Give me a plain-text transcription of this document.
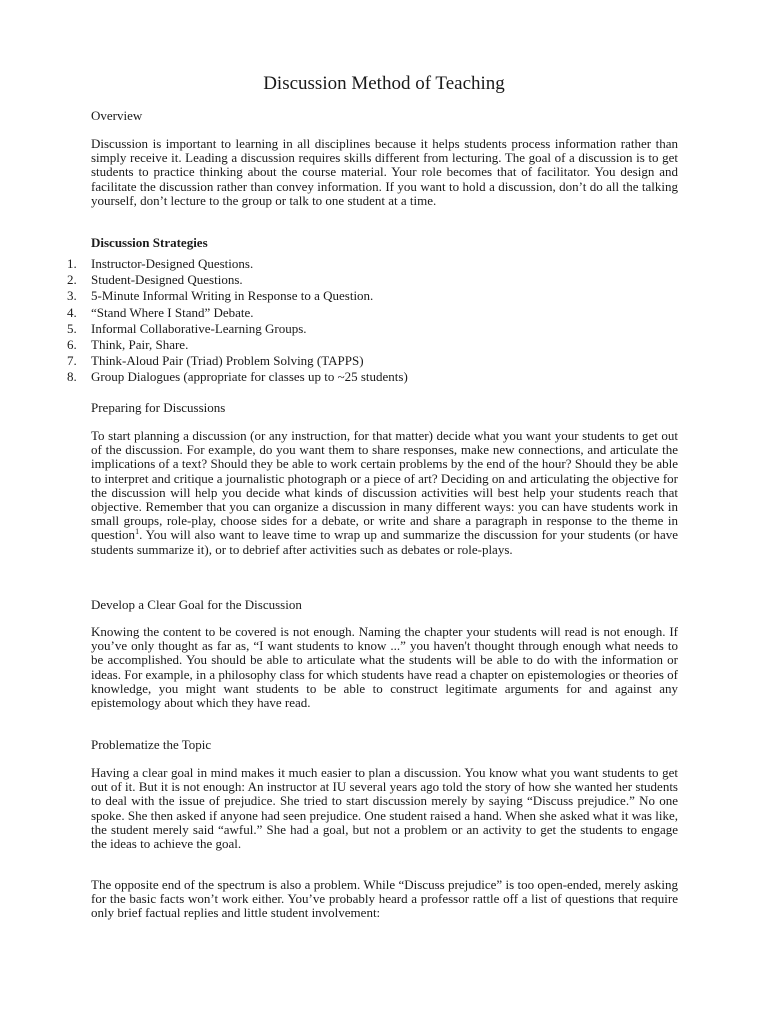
Discussion Method of Teaching
Overview

Discussion is important to learning in all disciplines because it helps students process information rather than simply receive it. Leading a discussion requires skills different from lecturing. The goal of a discussion is to get students to practice thinking about the course material. Your role becomes that of facilitator. You design and facilitate the discussion rather than convey information. If you want to hold a discussion, don’t do all the talking yourself, don’t lecture to the group or talk to one student at a time.

Discussion Strategies
1.	Instructor-Designed Questions.
2.	Student-Designed Questions.
3.	5-Minute Informal Writing in Response to a Question.
4.	“Stand Where I Stand” Debate.
5.	Informal Collaborative-Learning Groups.
6.	Think, Pair, Share.
7.	Think-Aloud Pair (Triad) Problem Solving (TAPPS)
8.	Group Dialogues (appropriate for classes up to ~25 students)
Preparing for Discussions

To start planning a discussion (or any instruction, for that matter) decide what you want your students to get out of the discussion. For example, do you want them to share responses, make new connections, and articulate the implications of a text? Should they be able to work certain problems by the end of the hour? Should they be able to interpret and critique a journalistic photograph or a piece of art? Deciding on and articulating the objective for the discussion will help you decide what kinds of discussion activities will best help your students reach that objective. Remember that you can organize a discussion in many different ways: you can have students work in small groups, role-play, choose sides for a debate, or write and share a paragraph in response to the theme in question$^1$. You will also want to leave time to wrap up and summarize the discussion for your students (or have students summarize it), or to debrief after activities such as debates or role-plays.

Develop a Clear Goal for the Discussion

Knowing the content to be covered is not enough. Naming the chapter your students will read is not enough. If you’ve only thought as far as, “I want students to know ...” you haven't thought through enough what needs to be accomplished. You should be able to articulate what the students will be able to do with the information or ideas. For example, in a philosophy class for which students have read a chapter on epistemologies or theories of knowledge, you might want students to be able to construct legitimate arguments for and against any epistemology about which they have read.

Problematize the Topic

Having a clear goal in mind makes it much easier to plan a discussion. You know what you want students to get out of it. But it is not enough: An instructor at IU several years ago told the story of how she wanted her students to deal with the issue of prejudice. She tried to start discussion merely by saying “Discuss prejudice.” No one spoke. She then asked if anyone had seen prejudice. One student raised a hand. When she asked what it was like, the student merely said “awful.” She had a goal, but not a problem or an activity to get the students to engage the ideas to achieve the goal.

The opposite end of the spectrum is also a problem. While “Discuss prejudice” is too open-ended, merely asking for the basic facts won’t work either. You’ve probably heard a professor rattle off a list of questions that require only brief factual replies and little student involvement:
